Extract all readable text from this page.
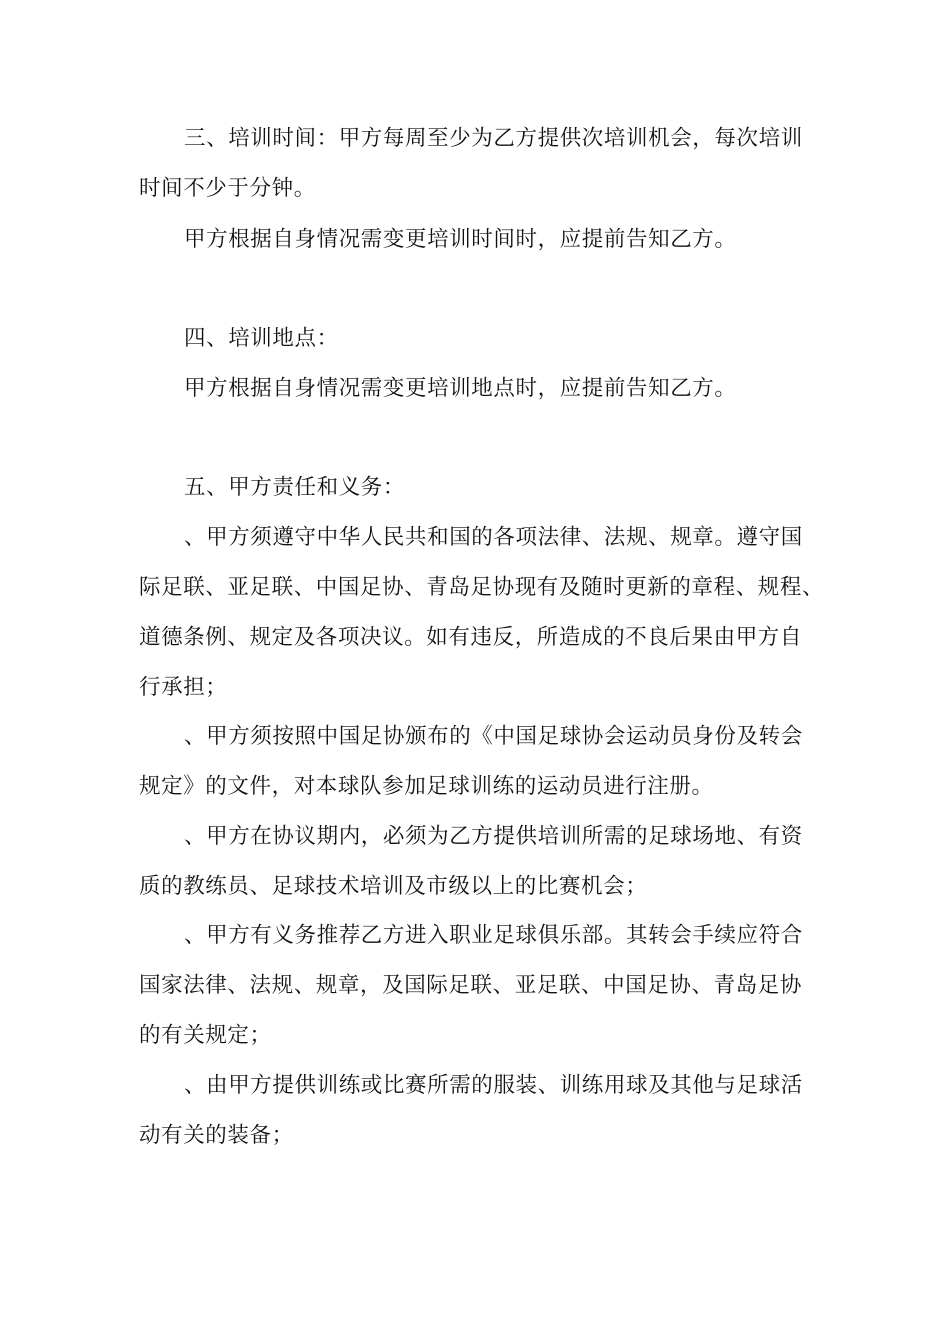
三、培训时间：甲方每周至少为乙方提供次培训机会，每次培训
时间不少于分钟。
甲方根据自身情况需变更培训时间时，应提前告知乙方。
四、培训地点：
甲方根据自身情况需变更培训地点时，应提前告知乙方。
五、甲方责任和义务：
、甲方须遵守中华人民共和国的各项法律、法规、规章。遵守国
际足联、亚足联、中国足协、青岛足协现有及随时更新的章程、规程、
道德条例、规定及各项决议。如有违反，所造成的不良后果由甲方自
行承担；
、甲方须按照中国足协颁布的《中国足球协会运动员身份及转会
规定》的文件，对本球队参加足球训练的运动员进行注册。
、甲方在协议期内，必须为乙方提供培训所需的足球场地、有资
质的教练员、足球技术培训及市级以上的比赛机会；
、甲方有义务推荐乙方进入职业足球俱乐部。其转会手续应符合
国家法律、法规、规章，及国际足联、亚足联、中国足协、青岛足协
的有关规定；
、由甲方提供训练或比赛所需的服装、训练用球及其他与足球活
动有关的装备；
